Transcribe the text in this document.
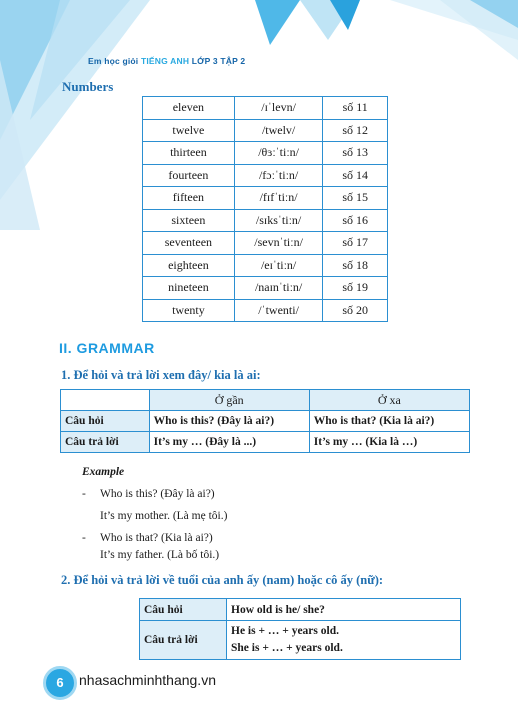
Em học giỏi TIẾNG ANH LỚP 3 TẬP 2
Numbers
eleven	/ɪˈlevn/	số 11
twelve	/twelv/	số 12
thirteen	/θɜːˈtiːn/	số 13
fourteen	/fɔːˈtiːn/	số 14
fifteen	/fɪfˈtiːn/	số 15
sixteen	/sɪksˈtiːn/	số 16
seventeen	/sevnˈtiːn/	số 17
eighteen	/eɪˈtiːn/	số 18
nineteen	/naɪnˈtiːn/	số 19
twenty	/ˈtwenti/	số 20
II. GRAMMAR
1. Để hỏi và trả lời xem đây/ kia là ai:
	Ở gần	Ở xa
Câu hỏi	Who is this? (Đây là ai?)	Who is that? (Kia là ai?)
Câu trả lời	It’s my … (Đây là ...)	It’s my … (Kia là …)
Example
- Who is this? (Đây là ai?)
It’s my mother. (Là mẹ tôi.)
- Who is that? (Kia là ai?)
It’s my father. (Là bố tôi.)
2. Để hỏi và trả lời về tuổi của anh ấy (nam) hoặc cô ấy (nữ):
Câu hỏi	How old is he/ she?
Câu trả lời	He is + … + years old.
She is + … + years old.
6	nhasachminhthang.vn
